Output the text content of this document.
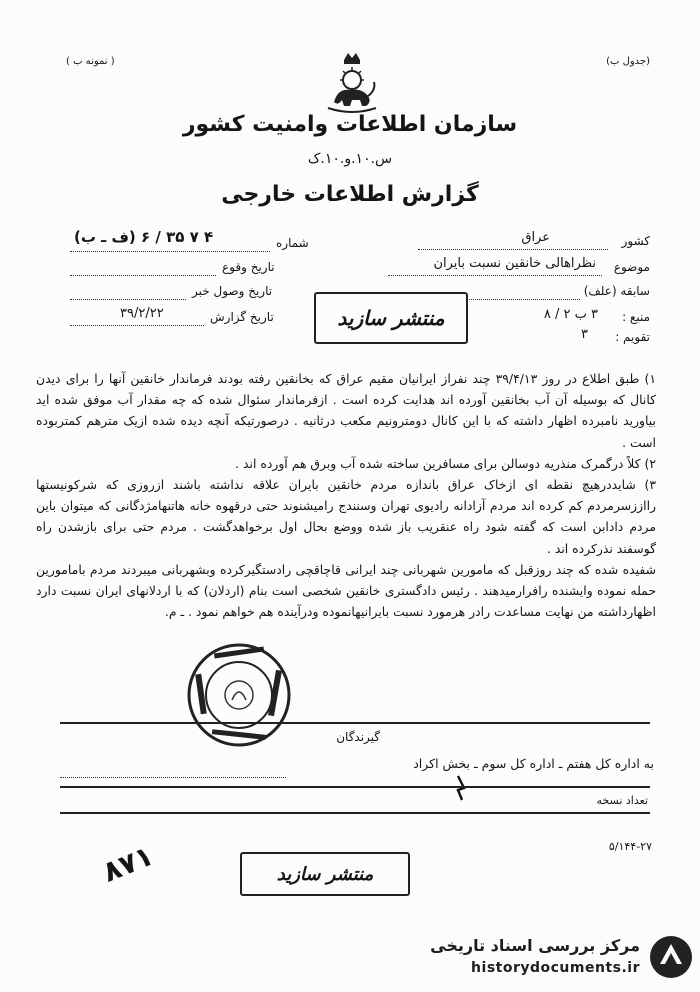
(جدول ب)
( نمونه ب )
سازمان اطلاعات وامنیت کشور
س.۱۰.و.۱۰.ک
گزارش اطلاعات خارجی
کشور
عراق
موضوع
نظراهالی خانقین نسبت بایران
سابقه (علف)
منبع :
۳ ب ۲ / ۸
تقویم :
۳
شماره
۴ ۷ ۳۵ / ۶ (ف ـ ب)
تاریخ وقوع
تاریخ وصول خبر
تاریخ گزارش
۳۹/۲/۲۲	منتشر سازید

۱) طبق اطلاع در روز ۳۹/۴/۱۳ چند نفراز ایرانیان مقیم عراق که بخانقین رفته بودند فرماندار خانقین آنها را برای دیدن کانال که بوسیله آن آب بخانقین آورده اند هدایت کرده است . ازفرماندار سئوال شده که چه مقدار آب موفق شده اید بیاورید نامبرده اظهار داشته که با این کانال دومترونیم مکعب درثانیه . درصورتیکه آنچه دیده شده ازیک مترهم کمتربوده است .

۲) کلاً درگمرک منذریه دوسالن برای مسافرین ساخته شده آب وبرق هم آورده اند .

۳) شایددرهیچ نقطه ای ازخاک عراق باندازه مردم خانقین بایران علاقه نداشته باشند ازروزی که شرکونیستها رااززسرمردم کم کرده اند مردم آزادانه رادیوی تهران وسنندج رامیشنوند حتی درقهوه خانه هاتنهامژدگانی که میتوان باین مردم دادابن است که گفته شود راه عنقریب باز شده ووضع بحال اول برخواهدگشت . مردم حتی برای بازشدن راه گوسفند نذرکرده اند .

شفیده شده که چند روزقبل که مامورین شهربانی چند ایرانی قاچاقچی رادستگیرکرده وبشهربانی میبردند مردم بامامورین حمله نموده وایشنده رافرارمیدهند . رئیس دادگستری خانقین شخصی است بنام (اردلان) که با اردلانهای ایران نسبت دارد اظهارداشته من نهایت مساعدت رادر هرمورد نسبت بایرانیهانموده ودرآینده هم خواهم نمود . ـ م.

گیرندگان
به اداره کل هفتم ـ اداره کل سوم ـ بخش اکراد
تعداد نسخه
۵/۱۴۴-۲۷
۸۷۱	منتشر سازید
مرکز بررسی اسناد تاریخی
historydocuments.ir
